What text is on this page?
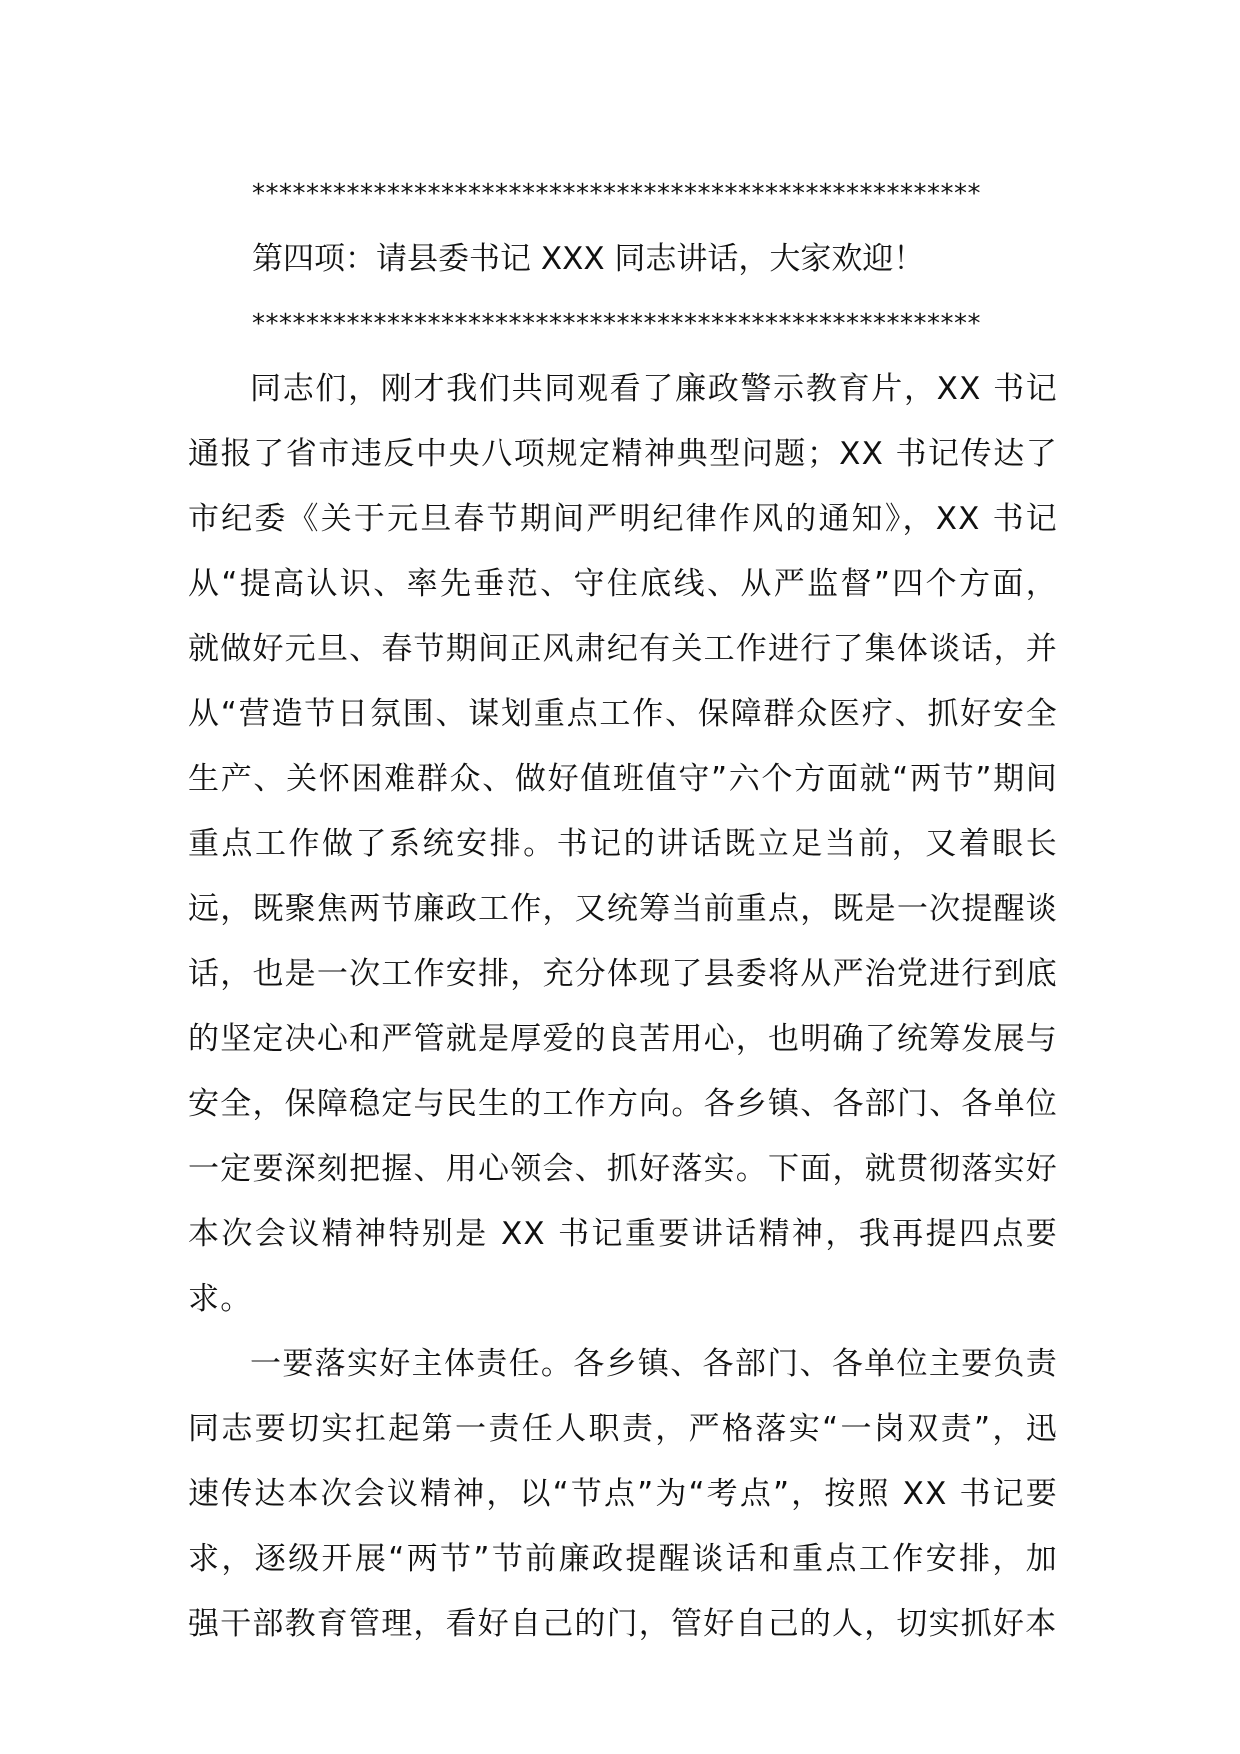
******************************************************

第四项：请县委书记 XXX 同志讲话，大家欢迎！

******************************************************

同志们，刚才我们共同观看了廉政警示教育片，XX 书记通报了省市违反中央八项规定精神典型问题；XX 书记传达了市纪委《关于元旦春节期间严明纪律作风的通知》，XX 书记从“提高认识、率先垂范、守住底线、从严监督”四个方面，就做好元旦、春节期间正风肃纪有关工作进行了集体谈话，并从“营造节日氛围、谋划重点工作、保障群众医疗、抓好安全生产、关怀困难群众、做好值班值守”六个方面就“两节”期间重点工作做了系统安排。书记的讲话既立足当前，又着眼长远，既聚焦两节廉政工作，又统筹当前重点，既是一次提醒谈话，也是一次工作安排，充分体现了县委将从严治党进行到底的坚定决心和严管就是厚爱的良苦用心，也明确了统筹发展与安全，保障稳定与民生的工作方向。各乡镇、各部门、各单位一定要深刻把握、用心领会、抓好落实。下面，就贯彻落实好本次会议精神特别是 XX 书记重要讲话精神，我再提四点要求。

一要落实好主体责任。各乡镇、各部门、各单位主要负责同志要切实扛起第一责任人职责，严格落实“一岗双责”，迅速传达本次会议精神，以“节点”为“考点”，按照 XX 书记要求，逐级开展“两节”节前廉政提醒谈话和重点工作安排，加强干部教育管理，看好自己的门，管好自己的人，切实抓好本
